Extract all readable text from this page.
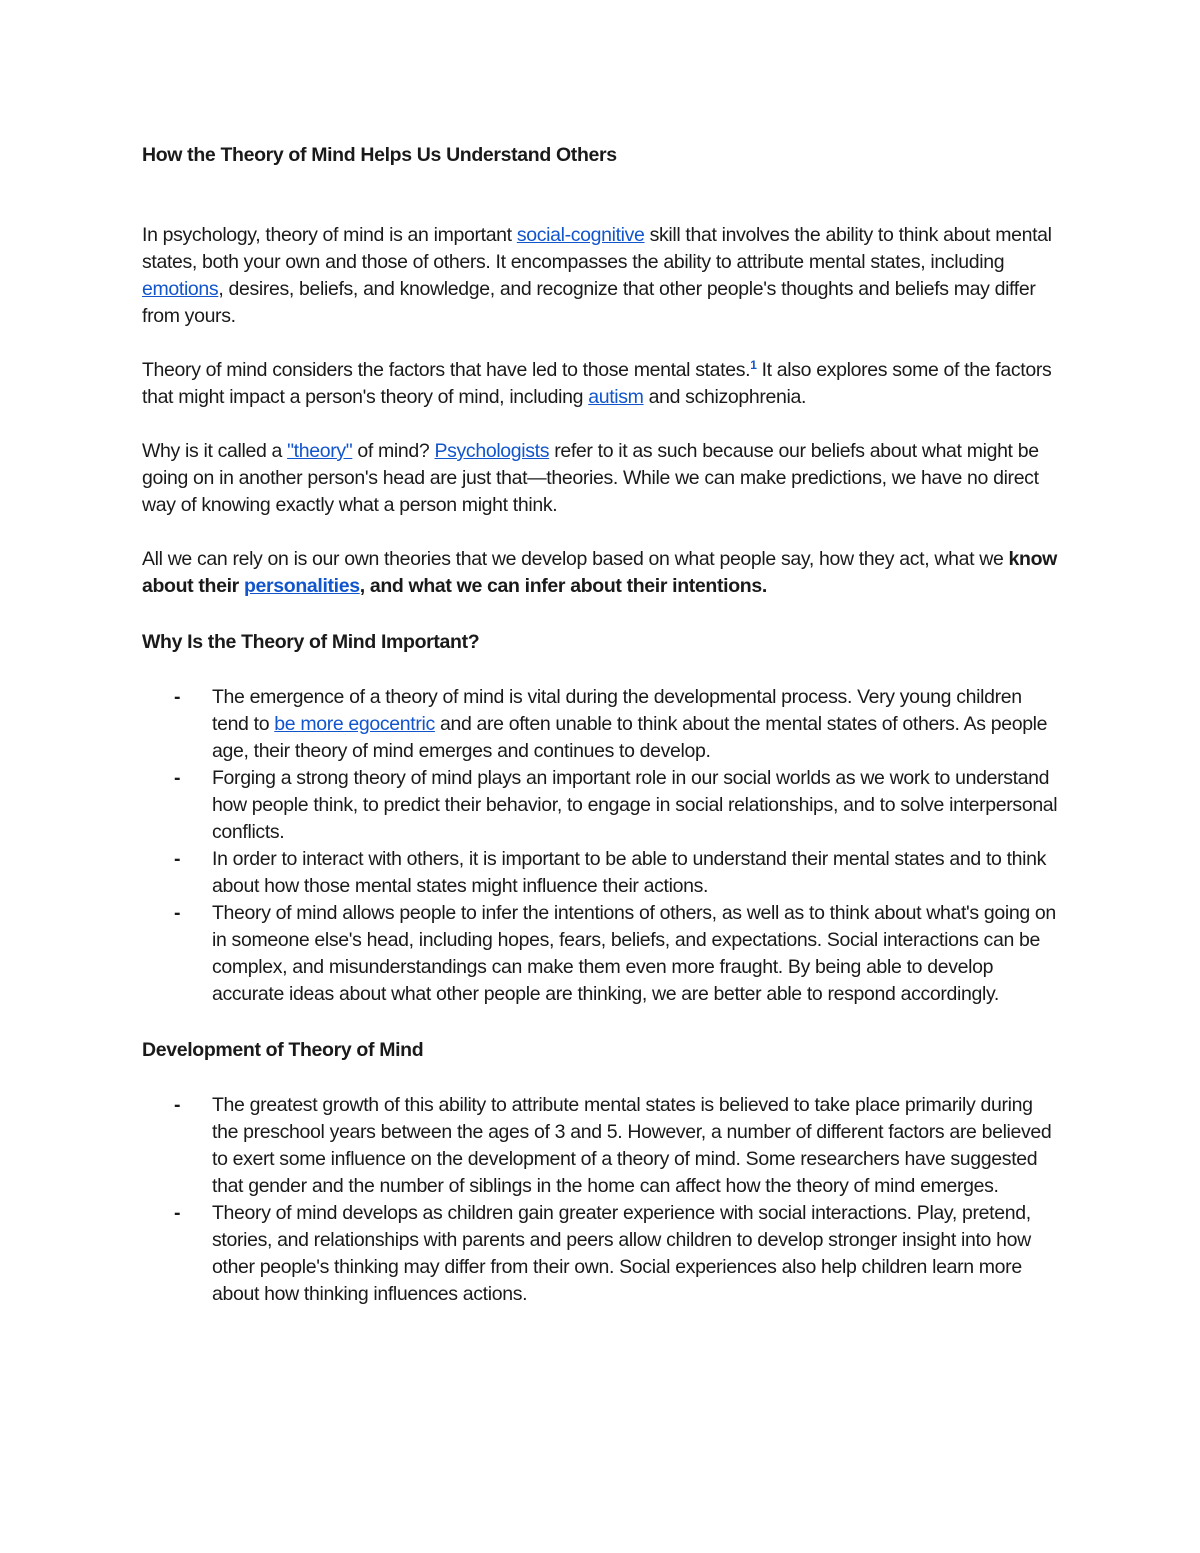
How the Theory of Mind Helps Us Understand Others

In psychology, theory of mind is an important social-cognitive skill that involves the ability to think about mental states, both your own and those of others. It encompasses the ability to attribute mental states, including emotions, desires, beliefs, and knowledge, and recognize that other people's thoughts and beliefs may differ from yours.

Theory of mind considers the factors that have led to those mental states.$^1$ It also explores some of the factors that might impact a person's theory of mind, including autism and schizophrenia.

Why is it called a "theory" of mind? Psychologists refer to it as such because our beliefs about what might be going on in another person's head are just that—theories. While we can make predictions, we have no direct way of knowing exactly what a person might think.

All we can rely on is our own theories that we develop based on what people say, how they act, what we know about their personalities, and what we can infer about their intentions.

Why Is the Theory of Mind Important?
- The emergence of a theory of mind is vital during the developmental process. Very young children tend to be more egocentric and are often unable to think about the mental states of others. As people age, their theory of mind emerges and continues to develop.
- Forging a strong theory of mind plays an important role in our social worlds as we work to understand how people think, to predict their behavior, to engage in social relationships, and to solve interpersonal conflicts.
- In order to interact with others, it is important to be able to understand their mental states and to think about how those mental states might influence their actions.
- Theory of mind allows people to infer the intentions of others, as well as to think about what's going on in someone else's head, including hopes, fears, beliefs, and expectations. Social interactions can be complex, and misunderstandings can make them even more fraught. By being able to develop accurate ideas about what other people are thinking, we are better able to respond accordingly.
Development of Theory of Mind
- The greatest growth of this ability to attribute mental states is believed to take place primarily during the preschool years between the ages of 3 and 5. However, a number of different factors are believed to exert some influence on the development of a theory of mind. Some researchers have suggested that gender and the number of siblings in the home can affect how the theory of mind emerges.
- Theory of mind develops as children gain greater experience with social interactions. Play, pretend, stories, and relationships with parents and peers allow children to develop stronger insight into how other people's thinking may differ from their own. Social experiences also help children learn more about how thinking influences actions.
